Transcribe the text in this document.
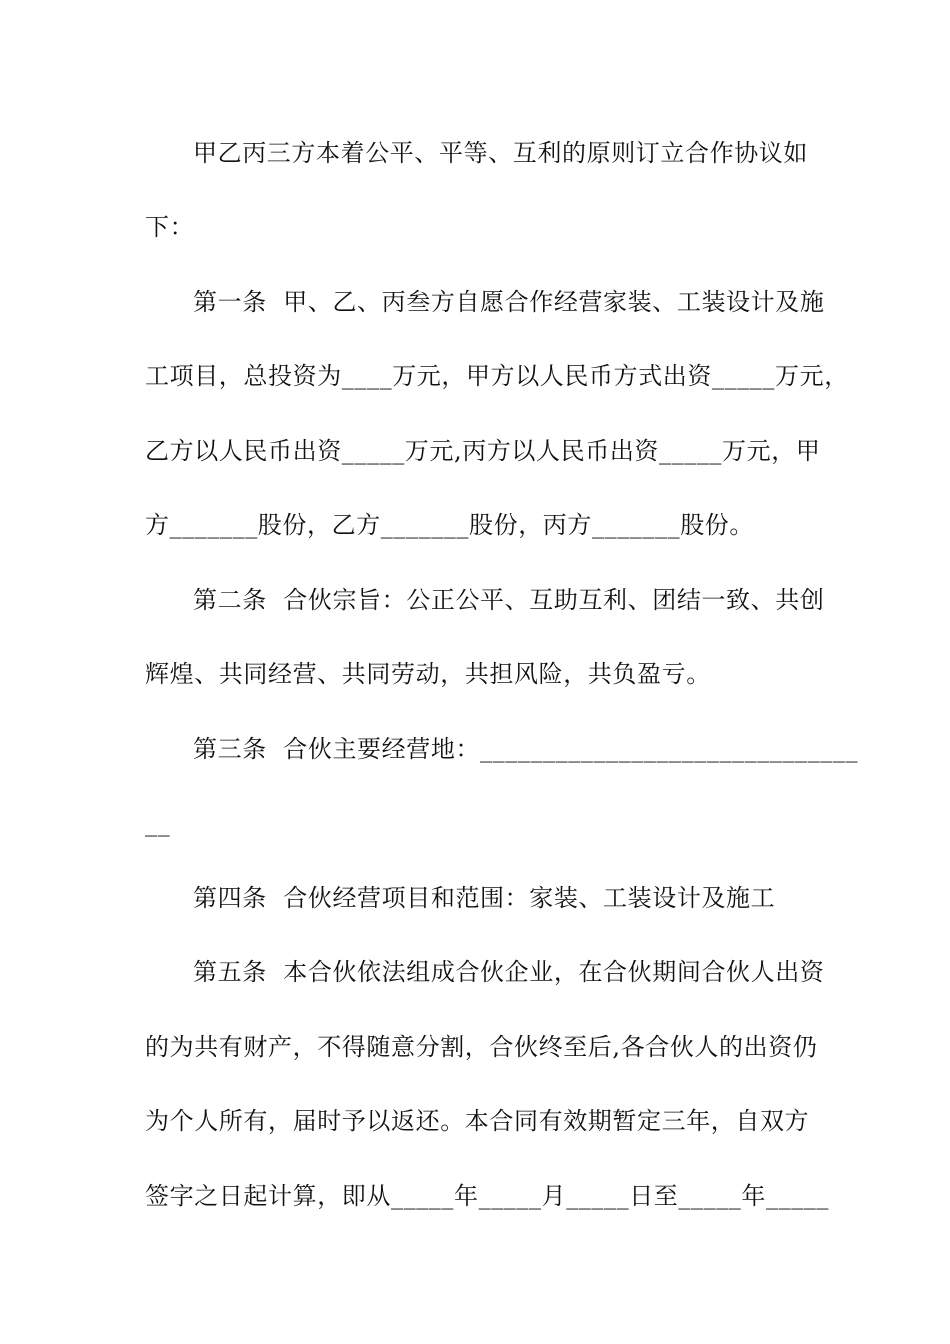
甲乙丙三方本着公平、平等、互利的原则订立合作协议如
下：
第一条  甲、乙、丙叁方自愿合作经营家装、工装设计及施
工项目，总投资为____万元，甲方以人民币方式出资_____万元，
乙方以人民币出资_____万元,丙方以人民币出资_____万元，甲
方_______股份，乙方_______股份，丙方_______股份。
第二条  合伙宗旨：公正公平、互助互利、团结一致、共创
辉煌、共同经营、共同劳动，共担风险，共负盈亏。
第三条  合伙主要经营地：______________________________
__
第四条  合伙经营项目和范围：家装、工装设计及施工
第五条  本合伙依法组成合伙企业，在合伙期间合伙人出资
的为共有财产，不得随意分割，合伙终至后,各合伙人的出资仍
为个人所有，届时予以返还。本合同有效期暂定三年，自双方
签字之日起计算，即从_____年_____月_____日至_____年_____
